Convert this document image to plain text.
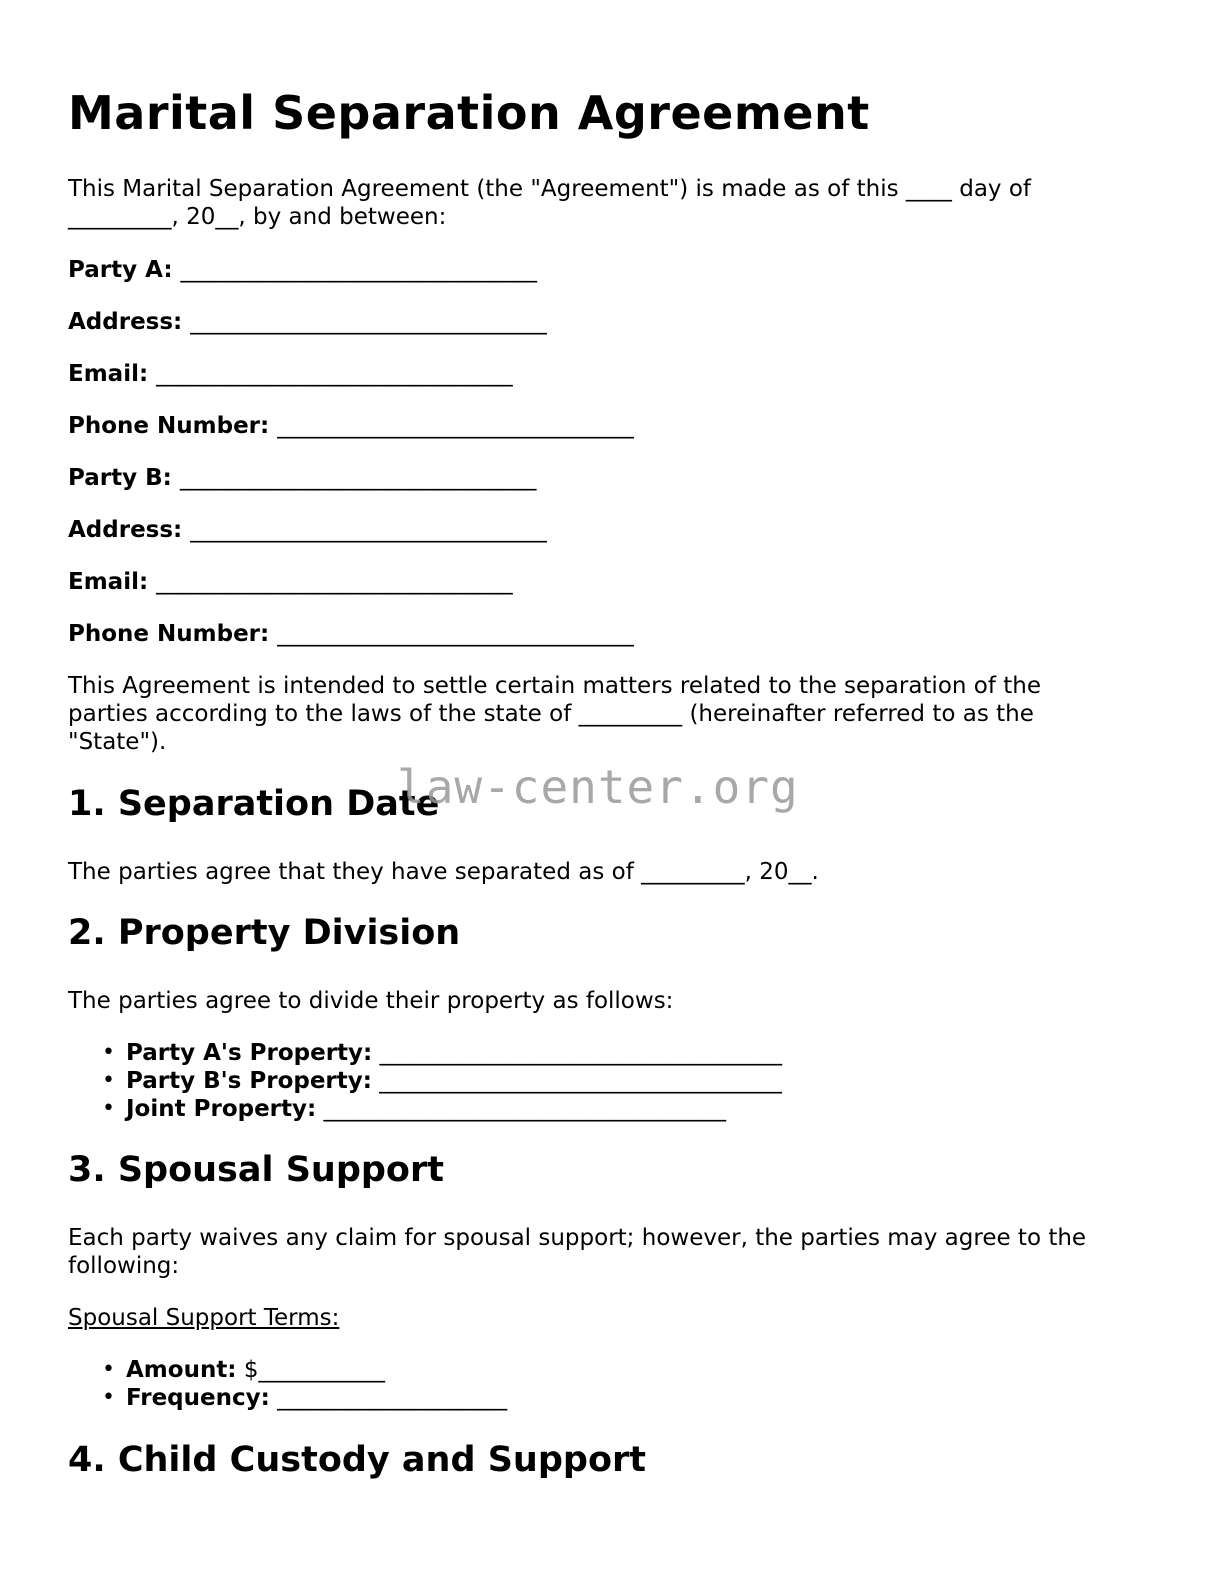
Marital Separation Agreement

This Marital Separation Agreement (the "Agreement") is made as of this ____ day of

_________, 20__, by and between:

Party A: _______________________________
Address: _______________________________
Email: _______________________________
Phone Number: _______________________________
Party B: _______________________________
Address: _______________________________
Email: _______________________________
Phone Number: _______________________________

This Agreement is intended to settle certain matters related to the separation of the

parties according to the laws of the state of _________ (hereinafter referred to as the

"State").

1. Separation Date

The parties agree that they have separated as of _________, 20__.

2. Property Division

The parties agree to divide their property as follows:

• Party A's Property: ___________________________________
• Party B's Property: ___________________________________
• Joint Property: ___________________________________
3. Spousal Support

Each party waives any claim for spousal support; however, the parties may agree to the

following:

Spousal Support Terms:

• Amount: $___________
• Frequency: ____________________
4. Child Custody and Support
law-center.org
